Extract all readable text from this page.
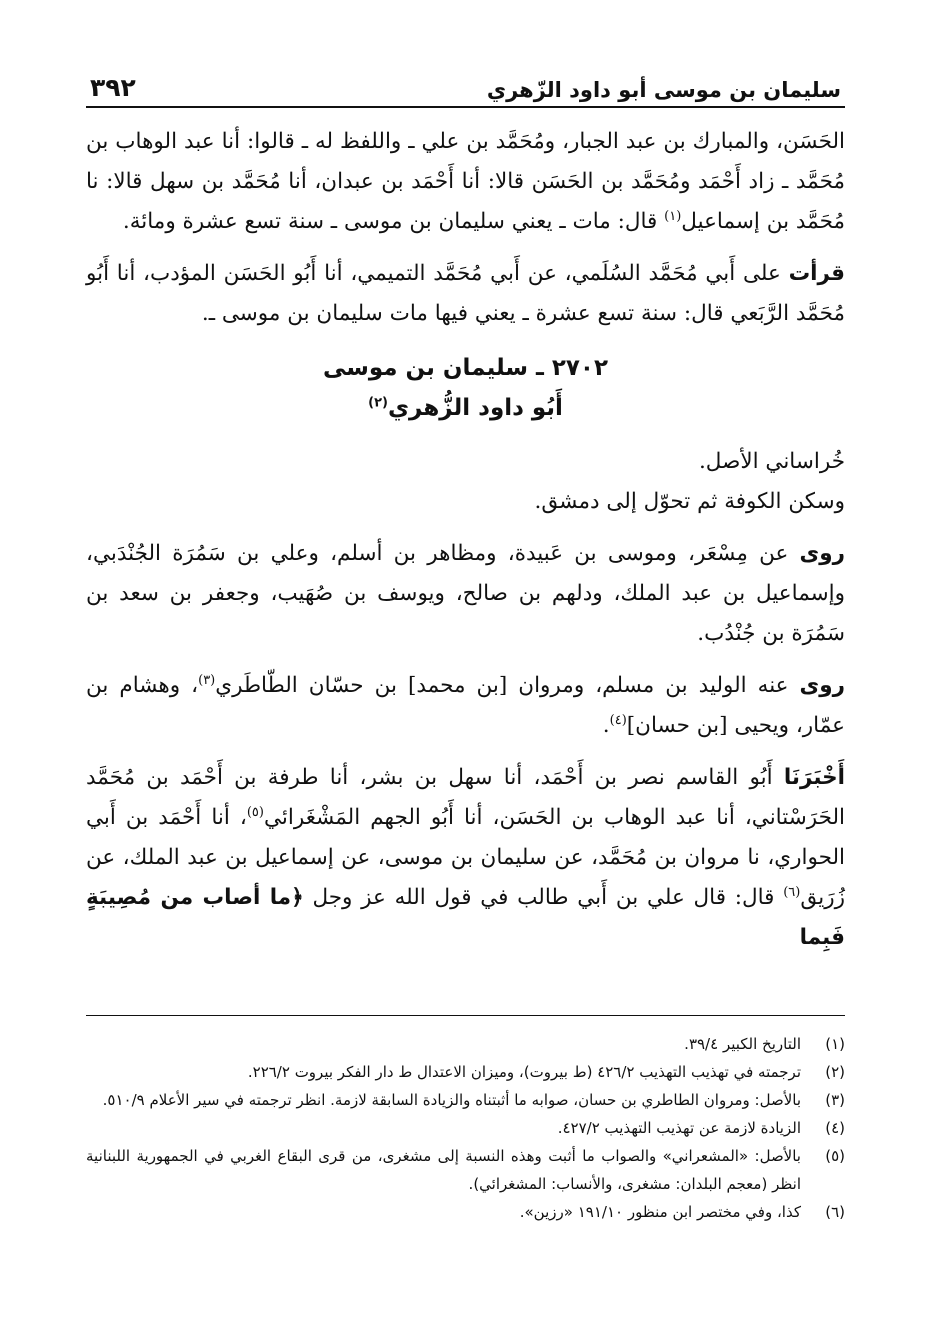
سليمان بن موسى أبو داود الزّهري
٣٩٢

الحَسَن، والمبارك بن عبد الجبار، ومُحَمَّد بن علي ـ واللفظ له ـ قالوا: أنا عبد الوهاب بن مُحَمَّد ـ زاد أَحْمَد ومُحَمَّد بن الحَسَن قالا: أنا أَحْمَد بن عبدان، أنا مُحَمَّد بن سهل قالا: نا مُحَمَّد بن إسماعيل$^{(١)}$ قال: مات ـ يعني سليمان بن موسى ـ سنة تسع عشرة ومائة.

قرأت على أَبي مُحَمَّد السُلَمي، عن أَبي مُحَمَّد التميمي، أنا أَبُو الحَسَن المؤدب، أنا أَبُو مُحَمَّد الرَّبَعي قال: سنة تسع عشرة ـ يعني فيها مات سليمان بن موسى ـ.

٢٧٠٢ ـ سليمان بن موسى
أَبُو داود الزُّهري$^{(٢)}$

خُراساني الأصل.

وسكن الكوفة ثم تحوّل إلى دمشق.

روى عن مِسْعَر، وموسى بن عَبيدة، ومظاهر بن أسلم، وعلي بن سَمُرَة الجُنْدَبي، وإسماعيل بن عبد الملك، ودلهم بن صالح، ويوسف بن صُهَيب، وجعفر بن سعد بن سَمُرَة بن جُنْدُب.

روى عنه الوليد بن مسلم، ومروان [بن محمد] بن حسّان الطّاطَري$^{(٣)}$، وهشام بن عمّار، ويحيى [بن حسان]$^{(٤)}$.

أَخْبَرَنَا أَبُو القاسم نصر بن أَحْمَد، أنا سهل بن بشر، أنا طرفة بن أَحْمَد بن مُحَمَّد الحَرَسْتاني، أنا عبد الوهاب بن الحَسَن، أنا أَبُو الجهم المَشْغَرائي$^{(٥)}$، أنا أَحْمَد بن أَبي الحواري، نا مروان بن مُحَمَّد، عن سليمان بن موسى، عن إسماعيل بن عبد الملك، عن زُرَيق$^{(٦)}$ قال: قال علي بن أَبي طالب في قول الله عز وجل ﴿ما أصاب من مُصِيبَةٍ فَبِما

(١)
التاريخ الكبير ٣٩/٤.
(٢)
ترجمته في تهذيب التهذيب ٤٢٦/٢ (ط بيروت)، وميزان الاعتدال ط دار الفكر بيروت ٢٢٦/٢.
(٣)
بالأصل: ومروان الطاطري بن حسان، صوابه ما أثبتناه والزيادة السابقة لازمة. انظر ترجمته في سير الأعلام ٥١٠/٩.
(٤)
الزيادة لازمة عن تهذيب التهذيب ٤٢٧/٢.
(٥)
بالأصل: «المشعراني» والصواب ما أثبت وهذه النسبة إلى مشغرى، من قرى البقاع الغربي في الجمهورية اللبنانية انظر (معجم البلدان: مشغرى، والأنساب: المشغرائي).
(٦)
كذا، وفي مختصر ابن منظور ١٩١/١٠ «رزين».
